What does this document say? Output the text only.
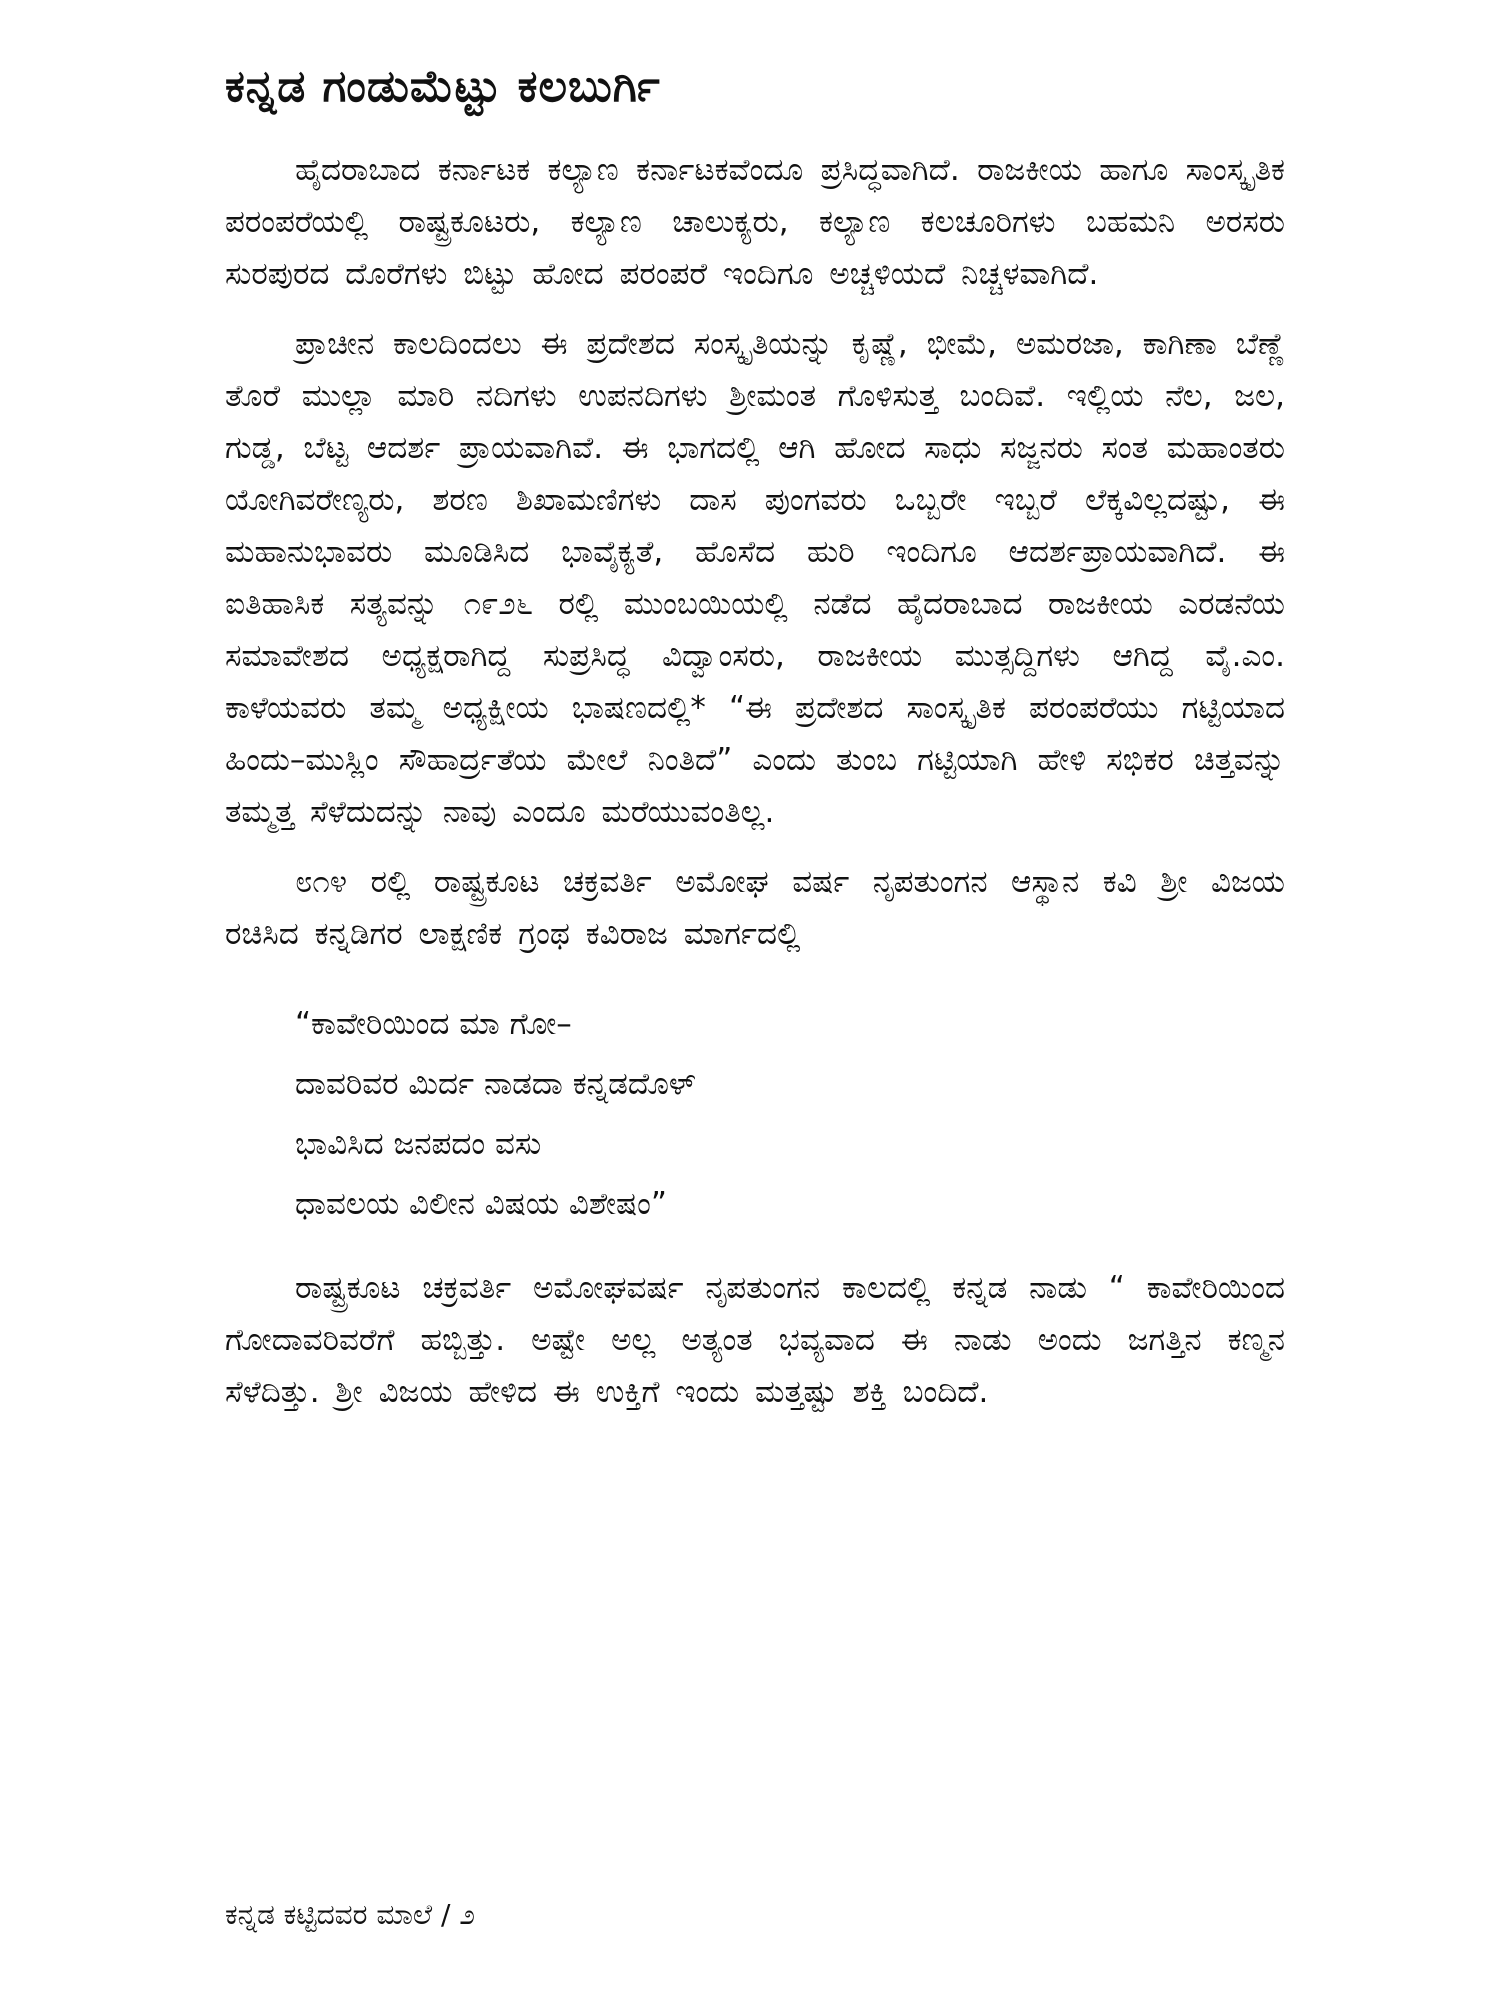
ಕನ್ನಡ ಗಂಡುಮೆಟ್ಟು ಕಲಬುರ್ಗಿ

ಹೈದರಾಬಾದ ಕರ್ನಾಟಕ ಕಲ್ಯಾಣ ಕರ್ನಾಟಕವೆಂದೂ ಪ್ರಸಿದ್ಧವಾಗಿದೆ. ರಾಜಕೀಯ ಹಾಗೂ ಸಾಂಸ್ಕೃತಿಕ ಪರಂಪರೆಯಲ್ಲಿ ರಾಷ್ಟ್ರಕೂಟರು, ಕಲ್ಯಾಣ ಚಾಲುಕ್ಯರು, ಕಲ್ಯಾಣ ಕಲಚೂರಿಗಳು ಬಹಮನಿ ಅರಸರು ಸುರಪುರದ ದೊರೆಗಳು ಬಿಟ್ಟು ಹೋದ ಪರಂಪರೆ ಇಂದಿಗೂ ಅಚ್ಚಳಿಯದೆ ನಿಚ್ಚಳವಾಗಿದೆ.

ಪ್ರಾಚೀನ ಕಾಲದಿಂದಲು ಈ ಪ್ರದೇಶದ ಸಂಸ್ಕೃತಿಯನ್ನು ಕೃಷ್ಣೆ, ಭೀಮೆ, ಅಮರಜಾ, ಕಾಗಿಣಾ ಬೆಣ್ಣೆ ತೊರೆ ಮುಲ್ಲಾ ಮಾರಿ ನದಿಗಳು ಉಪನದಿಗಳು ಶ್ರೀಮಂತ ಗೊಳಿಸುತ್ತ ಬಂದಿವೆ. ಇಲ್ಲಿಯ ನೆಲ, ಜಲ, ಗುಡ್ಡ, ಬೆಟ್ಟ ಆದರ್ಶ ಪ್ರಾಯವಾಗಿವೆ. ಈ ಭಾಗದಲ್ಲಿ ಆಗಿ ಹೋದ ಸಾಧು ಸಜ್ಜನರು ಸಂತ ಮಹಾಂತರು ಯೋಗಿವರೇಣ್ಯರು, ಶರಣ ಶಿಖಾಮಣಿಗಳು ದಾಸ ಪುಂಗವರು ಒಬ್ಬರೇ ಇಬ್ಬರೆ ಲೆಕ್ಕವಿಲ್ಲದಷ್ಟು, ಈ ಮಹಾನುಭಾವರು ಮೂಡಿಸಿದ ಭಾವೈಕ್ಯತೆ, ಹೊಸೆದ ಹುರಿ ಇಂದಿಗೂ ಆದರ್ಶಪ್ರಾಯವಾಗಿದೆ. ಈ ಐತಿಹಾಸಿಕ ಸತ್ಯವನ್ನು ೧೯೨೬ ರಲ್ಲಿ ಮುಂಬಯಿಯಲ್ಲಿ ನಡೆದ ಹೈದರಾಬಾದ ರಾಜಕೀಯ ಎರಡನೆಯ ಸಮಾವೇಶದ ಅಧ್ಯಕ್ಷರಾಗಿದ್ದ ಸುಪ್ರಸಿದ್ಧ ವಿದ್ವಾಂಸರು, ರಾಜಕೀಯ ಮುತ್ಸದ್ದಿಗಳು ಆಗಿದ್ದ ವೈ.ಎಂ. ಕಾಳೆಯವರು ತಮ್ಮ ಅಧ್ಯಕ್ಷೀಯ ಭಾಷಣದಲ್ಲಿ* “ಈ ಪ್ರದೇಶದ ಸಾಂಸ್ಕೃತಿಕ ಪರಂಪರೆಯು ಗಟ್ಟಿಯಾದ ಹಿಂದು–ಮುಸ್ಲಿಂ ಸೌಹಾರ್ದ್ರತೆಯ ಮೇಲೆ ನಿಂತಿದೆ” ಎಂದು ತುಂಬ ಗಟ್ಟಿಯಾಗಿ ಹೇಳಿ ಸಭಿಕರ ಚಿತ್ತವನ್ನು ತಮ್ಮತ್ತ ಸೆಳೆದುದನ್ನು ನಾವು ಎಂದೂ ಮರೆಯುವಂತಿಲ್ಲ.

೮೧೪ ರಲ್ಲಿ ರಾಷ್ಟ್ರಕೂಟ ಚಕ್ರವರ್ತಿ ಅಮೋಘ ವರ್ಷ ನೃಪತುಂಗನ ಆಸ್ಥಾನ ಕವಿ ಶ್ರೀ ವಿಜಯ ರಚಿಸಿದ ಕನ್ನಡಿಗರ ಲಾಕ್ಷಣಿಕ ಗ್ರಂಥ ಕವಿರಾಜ ಮಾರ್ಗದಲ್ಲಿ

“ಕಾವೇರಿಯಿಂದ ಮಾ ಗೋ–
ದಾವರಿವರ ಮಿರ್ದ ನಾಡದಾ ಕನ್ನಡದೊಳ್
ಭಾವಿಸಿದ ಜನಪದಂ ವಸು
ಧಾವಲಯ ವಿಲೀನ ವಿಷಯ ವಿಶೇಷಂ”

ರಾಷ್ಟ್ರಕೂಟ ಚಕ್ರವರ್ತಿ ಅಮೋಘವರ್ಷ ನೃಪತುಂಗನ ಕಾಲದಲ್ಲಿ ಕನ್ನಡ ನಾಡು “ ಕಾವೇರಿಯಿಂದ ಗೋದಾವರಿವರೆಗೆ ಹಬ್ಬಿತ್ತು. ಅಷ್ಟೇ ಅಲ್ಲ ಅತ್ಯಂತ ಭವ್ಯವಾದ ಈ ನಾಡು ಅಂದು ಜಗತ್ತಿನ ಕಣ್ಮನ ಸೆಳೆದಿತ್ತು. ಶ್ರೀ ವಿಜಯ ಹೇಳಿದ ಈ ಉಕ್ತಿಗೆ ಇಂದು ಮತ್ತಷ್ಟು ಶಕ್ತಿ ಬಂದಿದೆ.

ಕನ್ನಡ ಕಟ್ಟಿದವರ ಮಾಲೆ / ೨
